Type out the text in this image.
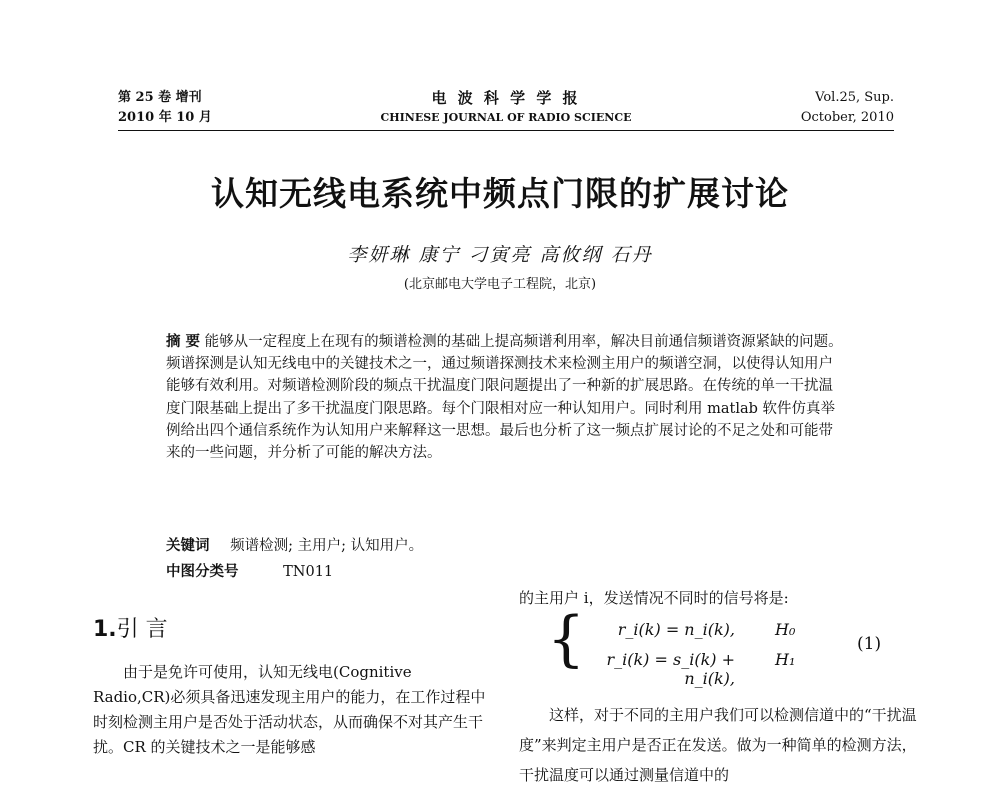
第 25 卷 增刊
2010 年 10 月
电 波 科 学 学 报
CHINESE JOURNAL OF RADIO SCIENCE
Vol.25, Sup.
October, 2010
认知无线电系统中频点门限的扩展讨论
李妍琳 康宁 刁寅亮 高攸纲 石丹
(北京邮电大学电子工程院，北京)
摘 要 能够从一定程度上在现有的频谱检测的基础上提高频谱利用率，解决目前通信频谱资源紧缺的问题。频谱探测是认知无线电中的关键技术之一，通过频谱探测技术来检测主用户的频谱空洞，以使得认知用户能够有效利用。对频谱检测阶段的频点干扰温度门限问题提出了一种新的扩展思路。在传统的单一干扰温度门限基础上提出了多干扰温度门限思路。每个门限相对应一种认知用户。同时利用 matlab 软件仿真举例给出四个通信系统作为认知用户来解释这一思想。最后也分析了这一频点扩展讨论的不足之处和可能带来的一些问题，并分析了可能的解决方法。
关键词 频谱检测; 主用户; 认知用户。
中图分类号	TN011
1.引 言
由于是免许可使用，认知无线电(Cognitive Radio,CR)必须具备迅速发现主用户的能力，在工作过程中时刻检测主用户是否处于活动状态，从而确保不对其产生干扰。CR 的关键技术之一是能够感
的主用户 i，发送情况不同时的信号将是:
{	r_i(k) = n_i(k),	H₀
r_i(k) = s_i(k) + n_i(k),
H₁
(1)
这样，对于不同的主用户我们可以检测信道中的“干扰温度”来判定主用户是否正在发送。做为一种简单的检测方法，干扰温度可以通过测量信道中的
